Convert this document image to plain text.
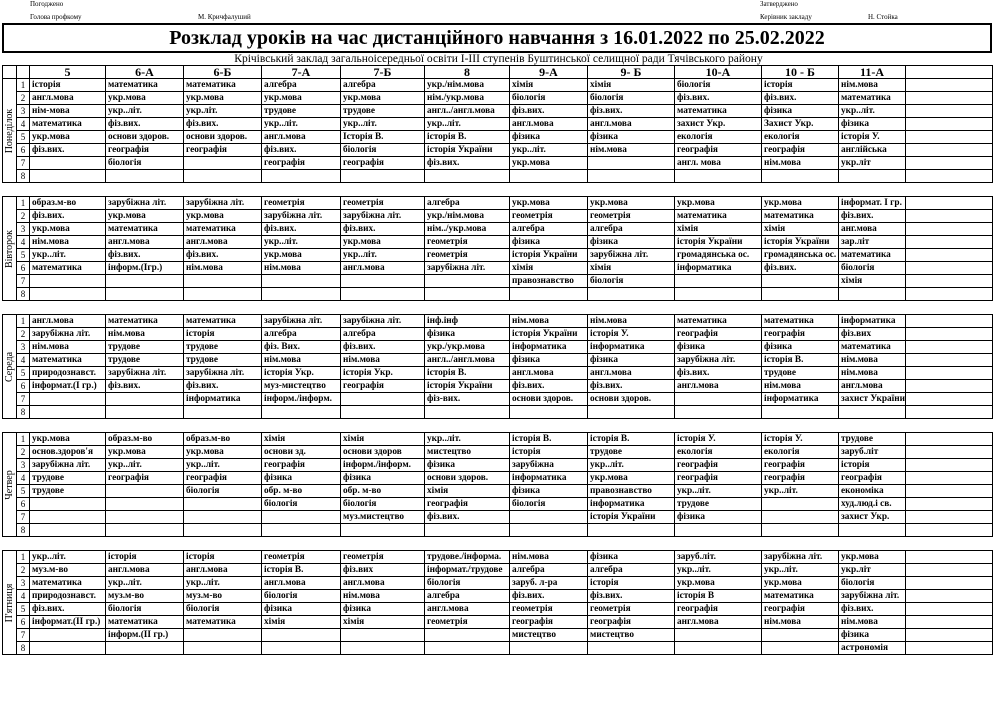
Погоджено
Голова профкому	М. Кричфалуший
Затверджено
Керівник закладу	Н. Стойка
Розклад уроків на час дистанційного навчання з 16.01.2022 по 25.02.2022
Крічівський заклад загальноісередньої освіти І-ІІІ ступенів Буштинської селищної ради Тячівського району
		5	6-А	6-Б	7-А	7-Б	8	9-А	9- Б	10-А	10 - Б	11-А	

Понеділок	1	історія	математика	математика	алгебра	алгебра	укр./нім.мова	хімія	хімія	біологія	історія	нім.мова	
	2	англ.мова	укр.мова	укр.мова	укр.мова	укр.мова	нім./укр.мова	біологія	біологія	фіз.вих.	фіз.вих.	математика	
	3	нім-мова	укр..літ.	укр.літ.	трудове	трудове	англ../англ.мова	фіз.вих.	фіз.вих.	математика	фізика	укр..літ.	
	4	математика	фіз.вих.	фіз.вих.	укр..літ.	укр..літ.	укр..літ.	англ.мова	англ.мова	захист Укр.	Захист Укр.	фізика	
	5	укр.мова	основи здоров.	основи здоров.	англ.мова	Історія В.	історія В.	фізика	фізика	екологія	екологія	історія У.	
	6	фіз.вих.	географія	географія	фіз.вих.	біологія	історія України	укр..літ.	нім.мова	географія	географія	англійська	
	7		біологія		географія	географія	фіз.вих.	укр.мова		англ. мова	нім.мова	укр.літ	
	8												

Вівторок	1	образ.м-во	зарубіжна літ.	зарубіжна літ.	геометрія	геометрія	алгебра	укр.мова	укр.мова	укр.мова	укр.мова	інформат. І гр.	
	2	фіз.вих.	укр.мова	укр.мова	зарубіжна літ.	зарубіжна літ.	укр./нім.мова	геометрія	геометрія	математика	математика	фіз.вих.	
	3	укр.мова	математика	математика	фіз.вих.	фіз.вих.	нім../укр.мова	алгебра	алгебра	хімія	хімія	анг.мова	
	4	нім.мова	англ.мова	англ.мова	укр..літ.	укр.мова	геометрія	фізика	фізика	історія України	історія України	зар.літ	
	5	укр..літ.	фіз.вих.	фіз.вих.	укр.мова	укр..літ.	геометрія	історія України	зарубіжна літ.	громадянська ос.	громадянська ос.	математика	
	6	математика	інформ.(Ігр.)	нім.мова	нім.мова	англ.мова	зарубіжна літ.	хімія	хімія	інформатика	фіз.вих.	біологія	
	7							правознавство	біологія			хімія	
	8												

Середа	1	англ.мова	математика	математика	зарубіжна літ.	зарубіжна літ.	інф.інф	нім.мова	нім.мова	математика	математика	інформатика	
	2	зарубіжна літ.	нім.мова	історія	алгебра	алгебра	фізика	історія України	історія У.	географія	географія	фіз.вих	
	3	нім.мова	трудове	трудове	фіз. Вих.	фіз.вих.	укр./укр.мова	інформатика	інформатика	фізика	фізика	математика	
	4	математика	трудове	трудове	нім.мова	нім.мова	англ../англ.мова	фізика	фізика	зарубіжна літ.	історія В.	нім.мова	
	5	природознавст.	зарубіжна літ.	зарубіжна літ.	історія Укр.	історія Укр.	історія В.	англ.мова	англ.мова	фіз.вих.	трудове	нім.мова	
	6	інформат.(І гр.)	фіз.вих.	фіз.вих.	муз-мистецтво	географія	історія України	фіз.вих.	фіз.вих.	англ.мова	нім.мова	англ.мова	
	7			інформатика	інформ./інформ.		фіз-вих.	основи здоров.	основи здоров.		інформатика	захист України	
	8												

Четвер	1	укр.мова	образ.м-во	образ.м-во	хімія	хімія	укр..літ.	історія В.	історія В.	історія У.	історія У.	трудове	
	2	основ.здоров'я	укр.мова	укр.мова	основи зд.	основи здоров	мистецтво	історія	трудове	екологія	екологія	заруб.літ	
	3	зарубіжна літ.	укр..літ.	укр..літ.	географія	інформ./інформ.	фізика	зарубіжна	укр..літ.	географія	географія	історія	
	4	трудове	географія	географія	фізика	фізика	основи здоров.	інформатика	укр.мова	географія	географія	географія	
	5	трудове		біологія	обр. м-во	обр. м-во	хімія	фізика	правознавство	укр..літ.	укр..літ.	економіка	
	6				біологія	біологія	географія	біологія	інформатика	трудове		худ.люд.і св.	
	7					муз.мистецтво	фіз.вих.		історія України	фізика		захист Укр.	
	8												

П'ятниця	1	укр..літ.	історія	історія	геометрія	геометрія	трудове./інформа.	нім.мова	фізика	заруб.літ.	зарубіжна літ.	укр.мова	
	2	муз.м-во	англ.мова	англ.мова	історія В.	фіз.вих	інформат./трудове	алгебра	алгебра	укр..літ.	укр..літ.	укр.літ	
	3	математика	укр..літ.	укр..літ.	англ.мова	англ.мова	біологія	заруб. л-ра	історія	укр.мова	укр.мова	біологія	
	4	природознавст.	муз.м-во	муз.м-во	біологія	нім.мова	алгебра	фіз.вих.	фіз.вих.	історія В	математика	зарубіжна літ.	
	5	фіз.вих.	біологія	біологія	фізика	фізика	англ.мова	геометрія	геометрія	географія	географія	фіз.вих.	
	6	інформат.(ІІ гр.)	математика	математика	хімія	хімія	геометрія	географія	географія	англ.мова	нім.мова	нім.мова	
	7		інформ.(ІІ гр.)					мистецтво	мистецтво			фізика	
	8											астрономія	
